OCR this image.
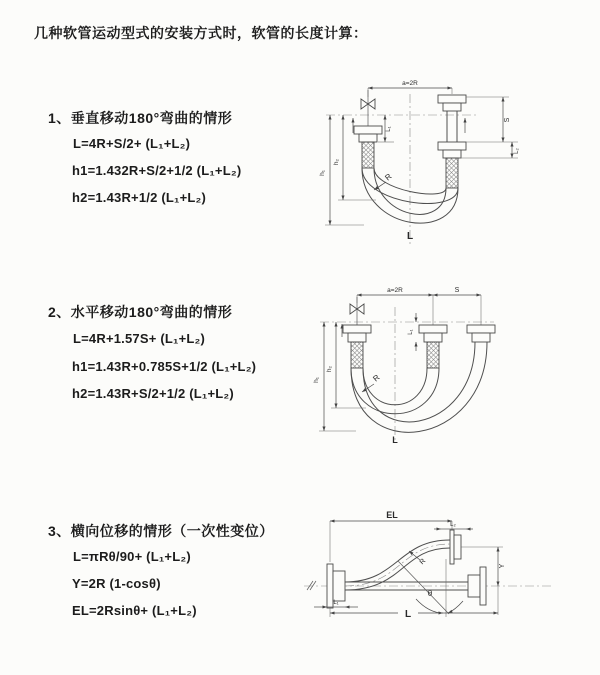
几种软管运动型式的安装方式时，软管的长度计算：
1、垂直移动180°弯曲的情形
L=4R+S/2+ (L₁+L₂)
h1=1.432R+S/2+1/2 (L₁+L₂)
h2=1.43R+1/2 (L₁+L₂)
2、水平移动180°弯曲的情形
L=4R+1.57S+ (L₁+L₂)
h1=1.43R+0.785S+1/2 (L₁+L₂)
h2=1.43R+S/2+1/2 (L₁+L₂)
3、横向位移的情形（一次性变位）
L=πRθ/90+ (L₁+L₂)
Y=2R (1-cosθ)
EL=2Rsinθ+ (L₁+L₂)
a=2R
L₁
S
L₂
h₁
h₂
R
L
a=2R	S
L₁
h₁
h₂
R
L
EL
L₂
Y
R
θ
L
L₁
